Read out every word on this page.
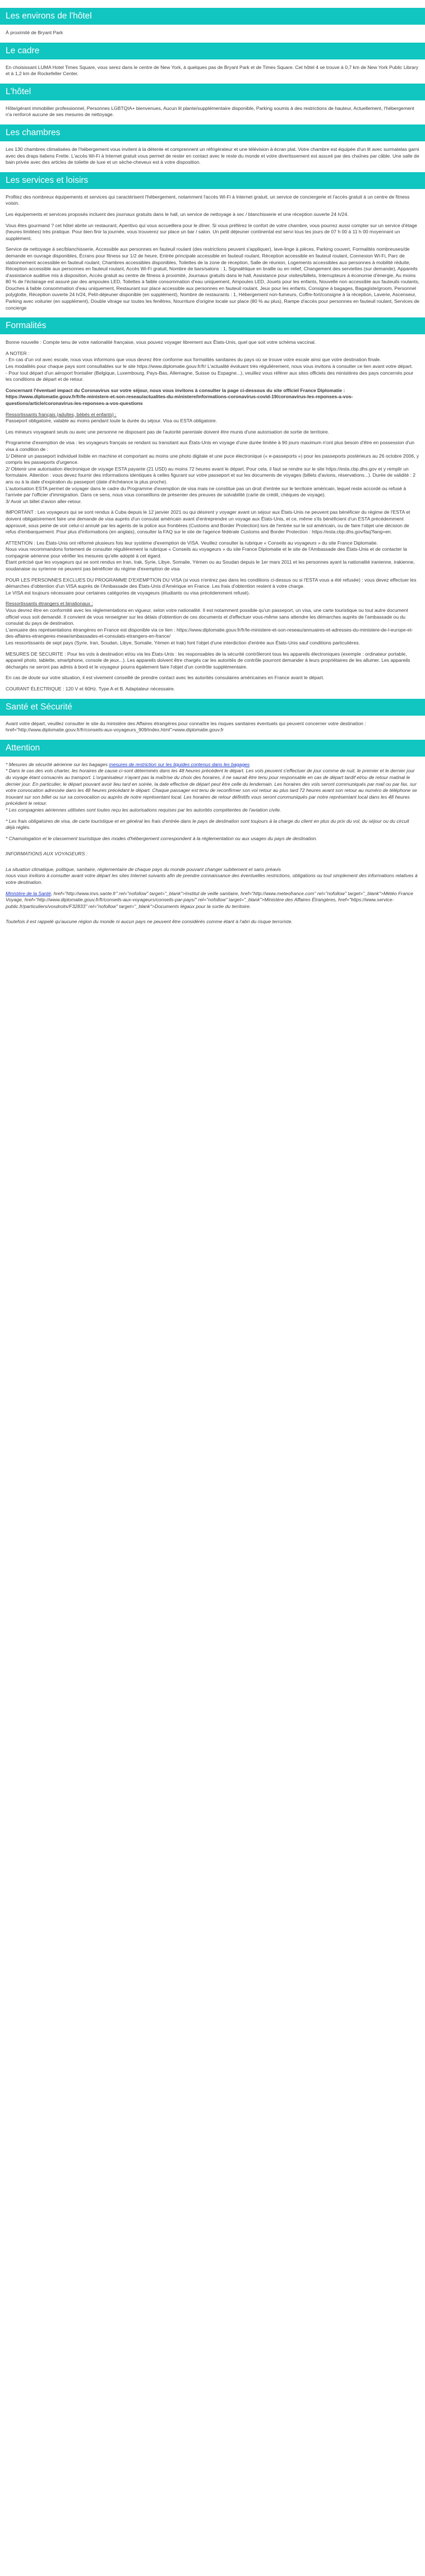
Les environs de l'hôtel

À proximité de Bryant Park

Le cadre

En choisissant LUMA Hotel Times Square, vous serez dans le centre de New York, à quelques pas de Bryant Park et de Times Square. Cet hôtel 4 se trouve à 0,7 km de New York Public Library et à 1,2 km de Rockefeller Center.

L'hôtel

Hôte/gérant immobilier professionnel, Personnes LGBTQIA+ bienvenues, Aucun lit plante/supplémentaire disponible, Parking soumis à des restrictions de hauteur, Actuellement, l'hébergement n'a renforcé aucune de ses mesures de nettoyage.

Les chambres

Les 130 chambres climatisées de l'hébergement vous invitent à la détente et comprennent un réfrigérateur et une télévision à écran plat. Votre chambre est équipée d'un lit avec surmatelas garni avec des draps italiens Frette. L'accès Wi-Fi à Internet gratuit vous permet de rester en contact avec le reste du monde et votre divertissement est assuré par des chaînes par câble. Une salle de bain privée avec des articles de toilette de luxe et un sèche-cheveux est à votre disposition.

Les services et loisirs

Profitez des nombreux équipements et services qui caractérisent l'hébergement, notamment l'accès Wi-Fi à Internet gratuit, un service de conciergerie et l'accès gratuit à un centre de fitness voisin.

Les équipements et services proposés incluent des journaux gratuits dans le hall, un service de nettoyage à sec / blanchisserie et une réception ouverte 24 h/24.

Vous êtes gourmand ? cet hôtel abrite un restaurant, Aperitivo qui vous accueillera pour le dîner. Si vous préférez le confort de votre chambre, vous pourrez aussi compter sur un service d'étage (heures limitées) très pratique. Pour bien finir la journée, vous trouverez sur place un bar / salon. Un petit déjeuner continental est servi tous les jours de 07 h 00 à 11 h 00 moyennant un supplément.

Service de nettoyage à sec/blanchisserie, Accessible aux personnes en fauteuil roulant (des restrictions peuvent s'appliquer), lave-linge à pièces, Parking couvert, Formalités nombreuses/de demande en ouvrage disponibles, Écrans pour fitness sur 1/2 de heure, Entrée principale accessible en fauteuil roulant, Réception accessible en fauteuil roulant, Connexion Wi-Fi, Parc de stationnement accessible en fauteuil roulant, Chambres accessibles disponibles, Toilettes de la zone de réception, Salle de réunion, Logements accessibles aux personnes à mobilité réduite, Réception accessible aux personnes en fauteuil roulant, Accès Wi-Fi gratuit, Nombre de bars/salons : 1, Signalétique en braille ou en relief, Changement des serviettes (sur demande), Appareils d'assistance auditive mis à disposition, Accès gratuit au centre de fitness à proximité, Journaux gratuits dans le hall, Assistance pour visites/billets, Interrupteurs à économie d'énergie, Au moins 80 % de l'éclairage est assuré par des ampoules LED, Toilettes à faible consommation d'eau uniquement, Ampoules LED, Jouets pour les enfants, Nouvelle non accessible aux fauteuils roulants, Douches à faible consommation d'eau uniquement, Restaurant sur place accessible aux personnes en fauteuil roulant, Jeux pour les enfants, Consigne à bagages, Bagagiste/groom, Personnel polyglotte, Réception ouverte 24 h/24, Petit-déjeuner disponible (en supplément), Nombre de restaurants : 1, Hébergement non-fumeurs, Coffre-fort/consigne à la réception, Laverie, Ascenseur, Parking avec voiturier (en supplément), Double vitrage sur toutes les fenêtres, Nourriture d'origine locale sur place (80 % au plus), Rampe d'accès pour personnes en fauteuil roulant, Services de concierge

Formalités

Bonne nouvelle : Compte tenu de votre nationalité française, vous pouvez voyager librement aux États-Unis, quel que soit votre schéma vaccinal.

A NOTER :
- En cas d'un vol avec escale, nous vous informons que vous devrez être conforme aux formalités sanitaires du pays où se trouve votre escale ainsi que votre destination finale.
Les modalités pour chaque pays sont consultables sur le site https://www.diplomatie.gouv.fr/fr/ L'actualité évoluant très régulièrement, nous vous invitons à consulter ce lien avant votre départ.
- Pour tout départ d'un aéroport frontalier (Belgique, Luxembourg, Pays-Bas, Allemagne, Suisse ou Espagne...), veuillez vous référer aux sites officiels des ministères des pays concernés pour les conditions de départ et de retour.

Concernant l'éventuel impact du Coronavirus sur votre séjour, nous vous invitons à consulter la page ci-dessous du site officiel France Diplomatie :
https://www.diplomatie.gouv.fr/fr/le-ministere-et-son-reseau/actualites-du-ministere/informations-coronavirus-covid-19/coronavirus-les-reponses-a-vos-questions/article/coronavirus-les-reponses-a-vos-questions

Ressortissants français (adultes, bébés et enfants) :

Passeport obligatoire, valable au moins pendant toute la durée du séjour. Visa ou ESTA obligatoire.

Les mineurs voyageant seuls ou avec une personne ne disposant pas de l'autorité parentale doivent être munis d'une autorisation de sortie de territoire.

Programme d'exemption de visa : les voyageurs français se rendant ou transitant aux États-Unis en voyage d'une durée limitée à 90 jours maximum n'ont plus besoin d'être en possession d'un visa à condition de :
1/ Détenir un passeport individuel lisible en machine et comportant au moins une photo digitale et une puce électronique (« e-passeports ») pour les passeports postérieurs au 26 octobre 2006, y compris les passeports d'urgence.
2/ Obtenir une autorisation électronique de voyage ESTA payante (21 USD) au moins 72 heures avant le départ. Pour cela, il faut se rendre sur le site https://esta.cbp.dhs.gov et y remplir un formulaire. Attention : vous devez fournir des informations identiques à celles figurant sur votre passeport et sur les documents de voyages (billets d'avions, réservations...). Durée de validité : 2 ans ou à la date d'expiration du passeport (date d'échéance la plus proche).
L'autorisation ESTA permet de voyager dans le cadre du Programme d'exemption de visa mais ne constitue pas un droit d'entrée sur le territoire américain, lequel reste accordé ou refusé à l'arrivée par l'officier d'immigration. Dans ce sens, nous vous conseillons de présenter des preuves de solvabilité (carte de crédit, chèques de voyage).
3/ Avoir un billet d'avion aller-retour.

IMPORTANT : Les voyageurs qui se sont rendus à Cuba depuis le 12 janvier 2021 ou qui désirent y voyager avant un séjour aux États-Unis ne peuvent pas bénéficier du régime de l'ESTA et doivent obligatoirement faire une demande de visa auprès d'un consulat américain avant d'entreprendre un voyage aux États-Unis, et ce, même s'ils bénéficient d'un ESTA précédemment approuvé, sous peine de voir celui-ci annulé par les agents de la police aux frontières (Customs and Border Protection) lors de l'entrée sur le sol américain, ou de faire l'objet une décision de refus d'embarquement. Pour plus d'informations (en anglais), consulter la FAQ sur le site de l'agence fédérale Customs and Border Protection : https://esta.cbp.dhs.gov/faq?lang=en.

ATTENTION : Les États-Unis ont réformé plusieurs fois leur système d'exemption de VISA. Veuillez consulter la rubrique « Conseils au voyageurs » du site France Diplomatie.
Nous vous recommandons fortement de consulter régulièrement la rubrique « Conseils au voyageurs » du site France Diplomatie et le site de l'Ambassade des États-Unis et de contacter la compagnie aérienne pour vérifier les mesures qu'elle adopté à cet égard.
Étant précisé que les voyageurs qui se sont rendus en Iran, Irak, Syrie, Libye, Somalie, Yémen ou au Soudan depuis le 1er mars 2011 et les personnes ayant la nationalité iranienne, irakienne, soudanaise ou syrienne ne peuvent pas bénéficier du régime d'exemption de visa

POUR LES PERSONNES EXCLUES DU PROGRAMME D'EXEMPTION DU VISA (si vous n'entrez pas dans les conditions ci-dessus ou si l'ESTA vous a été refusée) : vous devez effectuer les démarches d'obtention d'un VISA auprès de l'Ambassade des États-Unis d'Amérique en France. Les frais d'obtention restent à votre charge.
Le VISA est toujours nécessaire pour certaines catégories de voyageurs (étudiants ou visa précédemment refusé).

Ressortissants étrangers et binationaux :

Vous devrez être en conformité avec les réglementations en vigueur, selon votre nationalité. Il est notamment possible qu'un passeport, un visa, une carte touristique ou tout autre document officiel vous soit demandé. Il convient de vous renseigner sur les délais d'obtention de ces documents et d'effectuer vous-même sans attendre les démarches auprès de l'ambassade ou du consulat du pays de destination.
L'annuaire des représentations étrangères en France est disponible via ce lien : https://www.diplomatie.gouv.fr/fr/le-ministere-et-son-reseau/annuaires-et-adresses-du-ministere-de-l-europe-et-des-affaires-etrangeres-meae/ambassades-et-consulats-etrangers-en-france/
Les ressortissants de sept pays (Syrie, Iran, Soudan, Libye, Somalie, Yémen et Irak) font l'objet d'une interdiction d'entrée aux États-Unis sauf conditions particulières.

MESURES DE SECURITE : Pour les vols à destination et/ou via les États-Unis : les responsables de la sécurité contrôleront tous les appareils électroniques (exemple : ordinateur portable, appareil photo, tablette, smartphone, console de jeux...). Les appareils doivent être chargés car les autorités de contrôle pourront demander à leurs propriétaires de les allumer. Les appareils déchargés ne seront pas admis à bord et le voyageur pourra également faire l'objet d'un contrôle supplémentaire.

En cas de doute sur votre situation, il est vivement conseillé de prendre contact avec les autorités consulaires américaines en France avant le départ.

COURANT ÉLECTRIQUE : 120 V et 60Hz. Type A et B. Adaptateur nécessaire.

Santé et Sécurité

Avant votre départ, veuillez consulter le site du ministère des Affaires étrangères pour connaître les risques sanitaires éventuels qui peuvent concerner votre destination : href="http://www.diplomatie.gouv.fr/fr/conseils-aux-voyageurs_909/index.html">www.diplomatie.gouv.fr

Attention

* Mesures de sécurité aérienne sur les bagages mesures de restriction sur les liquides contenus dans les bagages
* Dans le cas des vols charter, les horaires de cause ci-sont déterminés dans les 48 heures précédent le départ. Les vols peuvent s'effectuer de jour comme de nuit, le premier et le dernier jour du voyage étant consacrés au transport. L'organisateur n'ayant pas la maîtrise du choix des horaires, il ne saurait être tenu pour responsable en cas de départ tardif et/ou de retour matinal le dernier jour. En particulier, le départ pouvant avoir lieu tard en soirée, la date effective de départ peut être celle du lendemain. Les horaires des vols seront communiqués par mail ou par fax, sur votre convocation adressée dans les 48 heures précédant le départ. Chaque passager est tenu de reconfirmer son vol retour au plus tard 72 heures avant son retour au numéro de téléphone se trouvant sur son billet ou sur sa convocation ou auprès de notre représentant local. Les horaires de retour définitifs vous seront communiqués par notre représentant local dans les 48 heures précédent le retour.
* Les compagnies aériennes utilisées sont toutes reçu les autorisations requises par les autorités compétentes de l'aviation civile.

* Les frais obligatoires de visa, de carte touristique et en général les frais d'entrée dans le pays de destination sont toujours à la charge du client en plus du prix du vol, du séjour ou du circuit déjà réglés.

* Chamologation et le classement touristique des modes d'hébergement correspondent à la réglementation ou aux usages du pays de destination.

INFORMATIONS AUX VOYAGEURS :

La situation climatique, politique, sanitaire, réglementaire de chaque pays du monde pouvant changer subitement et sans préavis
nous vous invitons à consulter avant votre départ les sites Internet suivants afin de prendre connaissance des éventuelles restrictions, obligations ou tout simplement des informations relatives à votre destination.

Ministère de la Santé, href="http://www.invs.sante.fr" rel="nofollow" target="_blank">Institut de veille sanitaire, href="http://www.meteofrance.com" rel="nofollow" target="_blank">Météo France Voyage, href="http://www.diplomatie.gouv.fr/fr/conseils-aux-voyageurs/conseils-par-pays/" rel="nofollow" target="_blank">Ministère des Affaires Étrangères, href="https://www.service-public.fr/particuliers/vosdroits/F32833" rel="nofollow" target="_blank">Documents légaux pour la sortie du territoire.

Toutefois il est rappelé qu'aucune région du monde ni aucun pays ne peuvent être considérés comme étant à l'abri du risque terroriste.
